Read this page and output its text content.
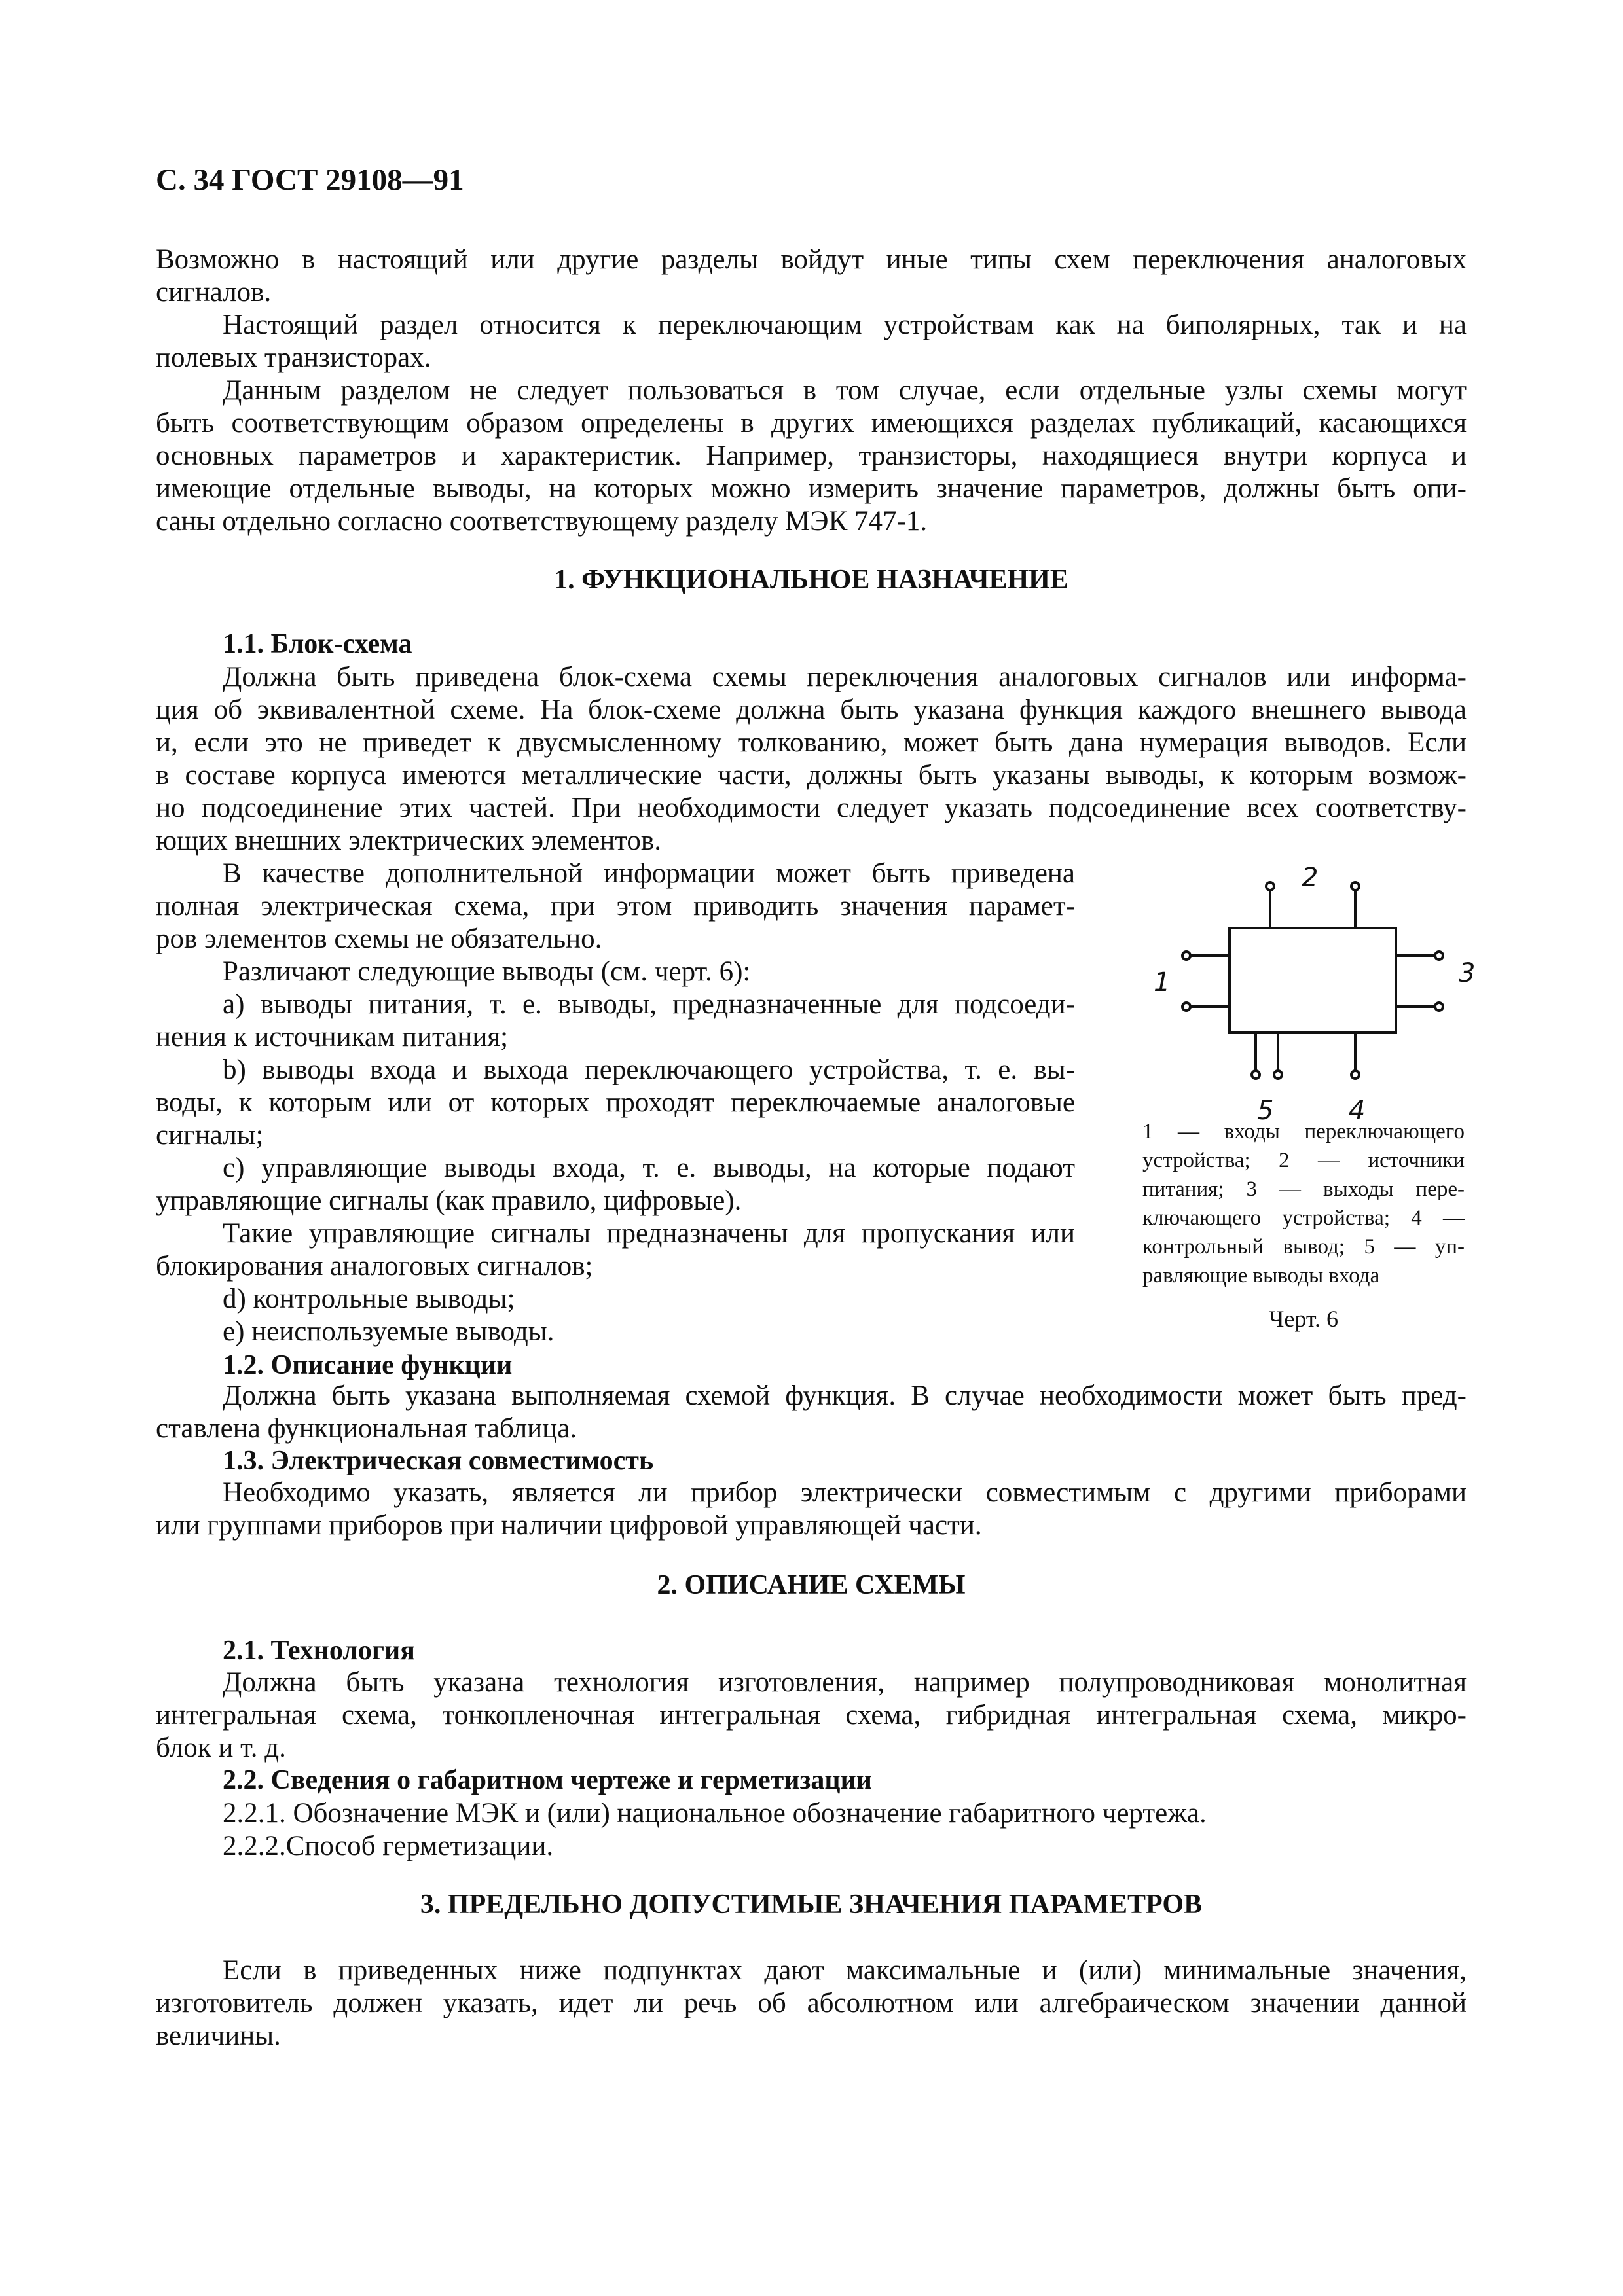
С. 34 ГОСТ 29108—91

Возможно в настоящий или другие разделы войдут иные типы схем переключения аналоговых

сигналов.

Настоящий раздел относится к переключающим устройствам как на биполярных, так и на

полевых транзисторах.

Данным разделом не следует пользоваться в том случае, если отдельные узлы схемы могут

быть соответствующим образом определены в других имеющихся разделах публикаций, касающихся

основных параметров и характеристик. Например, транзисторы, находящиеся внутри корпуса и

имеющие отдельные выводы, на которых можно измерить значение параметров, должны быть опи-

саны отдельно согласно соответствующему разделу МЭК 747-1.

1. ФУНКЦИОНАЛЬНОЕ НАЗНАЧЕНИЕ

1.1. Блок-схема

Должна быть приведена блок-схема схемы переключения аналоговых сигналов или информа-

ция об эквивалентной схеме. На блок-схеме должна быть указана функция каждого внешнего вывода

и, если это не приведет к двусмысленному толкованию, может быть дана нумерация выводов. Если

в составе корпуса имеются металлические части, должны быть указаны выводы, к которым возмож-

но подсоединение этих частей. При необходимости следует указать подсоединение всех соответству-

ющих внешних электрических элементов.

В качестве дополнительной информации может быть приведена

полная электрическая схема, при этом приводить значения парамет-

ров элементов схемы не обязательно.

Различают следующие выводы (см. черт. 6):

a) выводы питания, т. е. выводы, предназначенные для подсоеди-

нения к источникам питания;

b) выводы входа и выхода переключающего устройства, т. е. вы-

воды, к которым или от которых проходят переключаемые аналоговые

сигналы;

c) управляющие выводы входа, т. е. выводы, на которые подают

управляющие сигналы (как правило, цифровые).

Такие управляющие сигналы предназначены для пропускания или

блокирования аналоговых сигналов;

d) контрольные выводы;

e) неиспользуемые выводы.

1
2
3
4
5

1 — входы переключающего

устройства; 2 — источники

питания; 3 — выходы пере-

ключающего устройства; 4 —

контрольный вывод; 5 — уп-

равляющие выводы входа

Черт. 6

1.2. Описание функции

Должна быть указана выполняемая схемой функция. В случае необходимости может быть пред-

ставлена функциональная таблица.

1.3. Электрическая совместимость

Необходимо указать, является ли прибор электрически совместимым с другими приборами

или группами приборов при наличии цифровой управляющей части.

2. ОПИСАНИЕ СХЕМЫ

2.1. Технология

Должна быть указана технология изготовления, например полупроводниковая монолитная

интегральная схема, тонкопленочная интегральная схема, гибридная интегральная схема, микро-

блок и т. д.

2.2. Сведения о габаритном чертеже и герметизации

2.2.1. Обозначение МЭК и (или) национальное обозначение габаритного чертежа.

2.2.2.Способ герметизации.

3. ПРЕДЕЛЬНО ДОПУСТИМЫЕ ЗНАЧЕНИЯ ПАРАМЕТРОВ

Если в приведенных ниже подпунктах дают максимальные и (или) минимальные значения,

изготовитель должен указать, идет ли речь об абсолютном или алгебраическом значении данной

величины.
